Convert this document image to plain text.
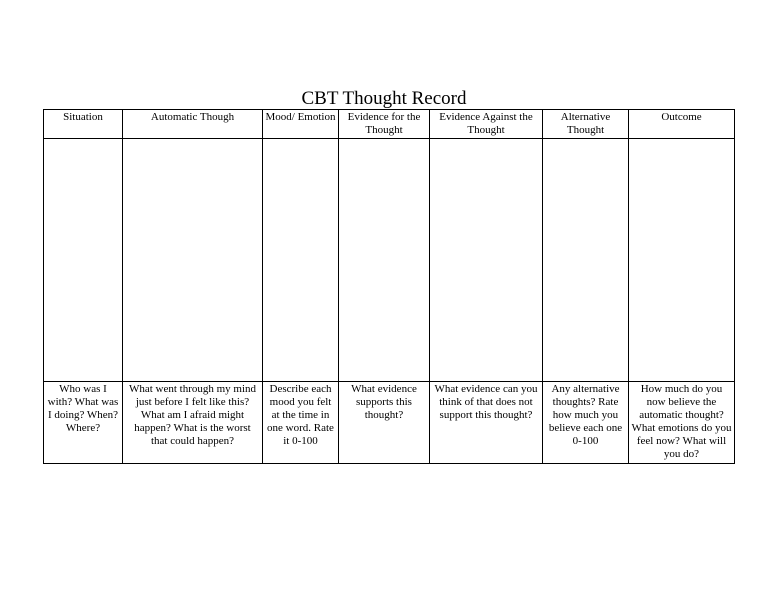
CBT Thought Record
Situation	Automatic Though	Mood/ Emotion	Evidence for the Thought	Evidence Against the Thought	Alternative Thought	Outcome

Who was I with? What was I doing? When? Where?	What went through my mind just before I felt like this? What am I afraid might happen? What is the worst that could happen?	Describe each mood you felt at the time in one word. Rate it 0-100	What evidence supports this thought?	What evidence can you think of that does not support this thought?	Any alternative thoughts? Rate how much you believe each one 0-100	How much do you now believe the automatic thought? What emotions do you feel now? What will you do?
